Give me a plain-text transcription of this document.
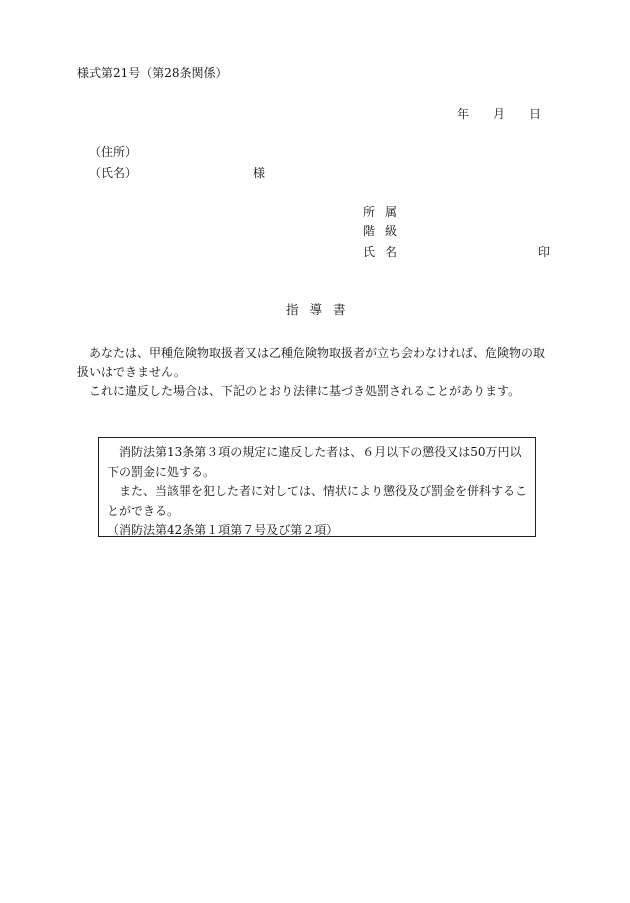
様式第21号（第28条関係）
年 月 日
（住所）
（氏名）	様
所属
階級
氏名	印
指導書

あなたは、甲種危険物取扱者又は乙種危険物取扱者が立ち会わなければ、危険物の取扱いはできません。

これに違反した場合は、下記のとおり法律に基づき処罰されることがあります。

消防法第13条第３項の規定に違反した者は、６月以下の懲役又は50万円以下の罰金に処する。

また、当該罪を犯した者に対しては、情状により懲役及び罰金を併科することができる。

（消防法第42条第１項第７号及び第２項）
